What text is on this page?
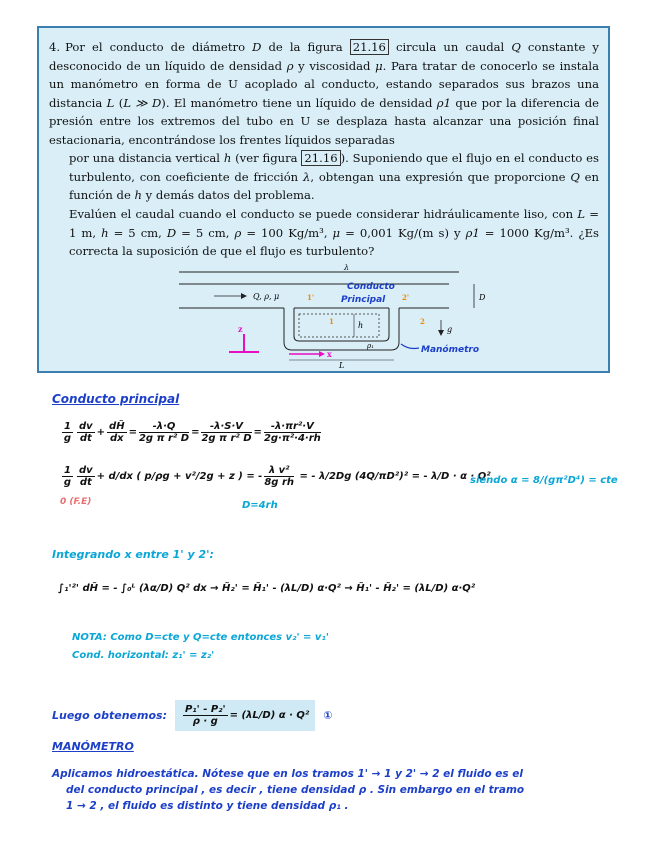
4. Por el conducto de diámetro D de la figura 21.16 circula un caudal Q constante y desconocido de un líquido de densidad ρ y viscosidad μ. Para tratar de conocerlo se instala un manómetro en forma de U acoplado al conducto, estando separados sus brazos una distancia L (L ≫ D). El manómetro tiene un líquido de densidad ρ1 que por la diferencia de presión entre los extremos del tubo en U se desplaza hasta alcanzar una posición final estacionaria, encontrándose los frentes líquidos separadas

por una distancia vertical h (ver figura 21.16 ). Suponiendo que el flujo en el conducto es turbulento, con coeficiente de fricción λ, obtengan una expresión que proporcione Q en función de h y demás datos del problema.

Evalúen el caudal cuando el conducto se puede considerar hidráulicamente liso, con L = 1 m, h = 5 cm, D = 5 cm, ρ = 100 Kg/m³, μ = 0,001 Kg/(m s) y ρ1 = 1000 Kg/m³. ¿Es correcta la suposición de que el flujo es turbulento?

D
λ
Q, ρ, μ
Conducto
Principal
1'	2'
1	2
h
ρ₁
L
g
Manómetro
z
x
Conducto principal
$\frac{1}{g} \frac{dv}{dt} + \frac{dH̃}{dx} = \frac{-\lambda\cdot Q}{\text{2g π r² D}} = \frac{-\lambda\cdot S\cdot V}{\text{2g π r² D}} = \frac{\text{-λ·πr²·V}}{\text{2g·π²·4·rh}}$
$\frac{1}{g} \frac{dv}{dt} + d/dx$ ( p/ρg + v²/2g + z ) = - $\frac{\text{λ v²}}{\text{8g rh}}$ = - λ/2Dg (4Q/πD²)² = - λ/D · α · Q²
siendo α = 8/(gπ²D⁴) = cte
0 (F.E)	D=4rh
Integrando x entre 1' y 2':
∫₁'²' dH̃ = - ∫₀ᴸ (λα/D) Q² dx → H̃₂' = H̃₁' - (λL/D) α·Q² → H̃₁' - H̃₂' = (λL/D) α·Q²
NOTA: Como D=cte y Q=cte entonces v₂' = v₁'
Cond. horizontal: z₁' = z₂'
Luego obtenemos: $\frac{\text{P₁' - P₂'}}{\rho \cdot g} = (\lambda L/D) \alpha \cdot Q^2$ ①
MANÓMETRO
Aplicamos hidroestática. Nótese que en los tramos 1' → 1 y 2' → 2 el fluido es el
del conducto principal , es decir , tiene densidad ρ . Sin embargo en el tramo
1 → 2 , el fluido es distinto y tiene densidad ρ₁ .
